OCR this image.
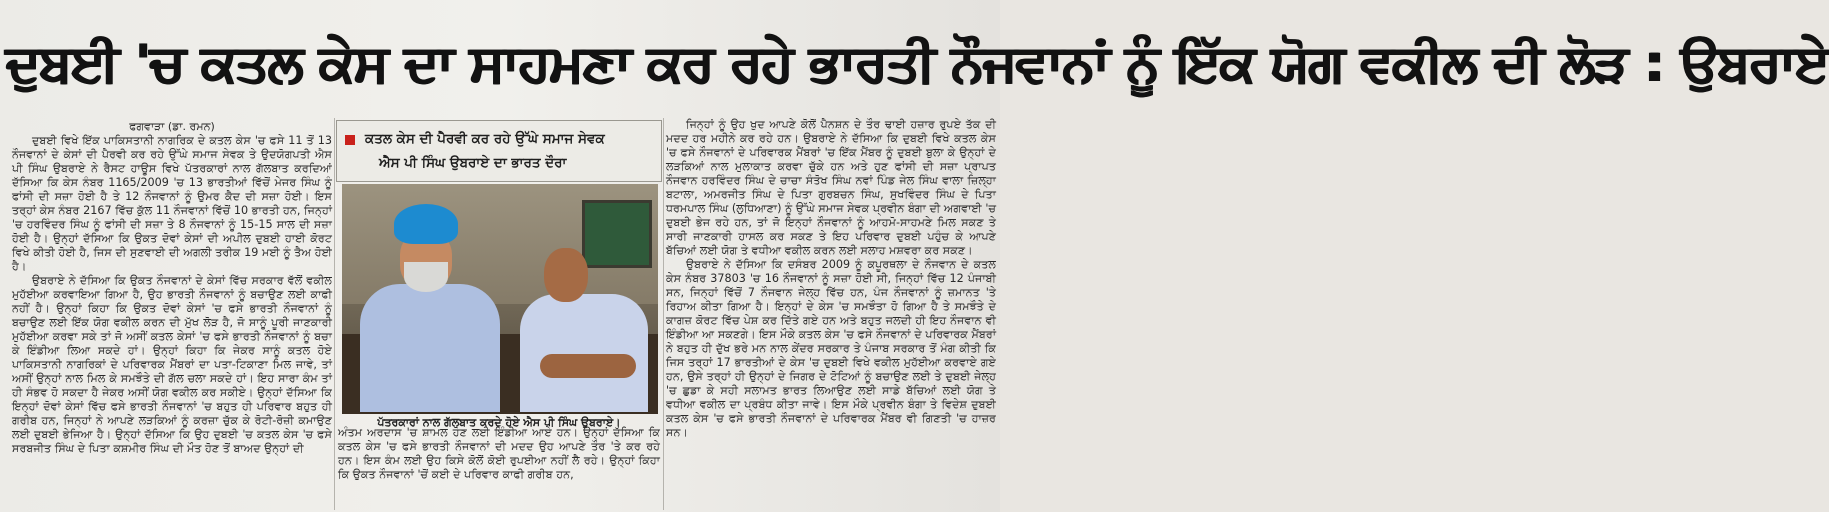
ਦੁਬਈ 'ਚ ਕਤਲ ਕੇਸ ਦਾ ਸਾਹਮਣਾ ਕਰ ਰਹੇ ਭਾਰਤੀ ਨੌਜਵਾਨਾਂ ਨੂੰ ਇੱਕ ਯੋਗ ਵਕੀਲ ਦੀ ਲੋੜ : ਉਬਰਾਏ

ਫਗਵਾੜਾ (ਡਾ. ਰਮਨ)

ਦੁਬਈ ਵਿਖੇ ਇੱਕ ਪਾਕਿਸਤਾਨੀ ਨਾਗਰਿਕ ਦੇ ਕਤਲ ਕੇਸ 'ਚ ਫਸੇ 11 ਤੋਂ 13 ਨੌਜਵਾਨਾਂ ਦੇ ਕੇਸਾਂ ਦੀ ਪੈਰਵੀ ਕਰ ਰਹੇ ਉੱਘੇ ਸਮਾਜ ਸੇਵਕ ਤੇ ਉਦਯੋਗਪਤੀ ਐਸ ਪੀ ਸਿੰਘ ਉਬਰਾਏ ਨੇ ਰੈਸਟ ਹਾਊਸ ਵਿਖੇ ਪੱਤਰਕਾਰਾਂ ਨਾਲ ਗੱਲਬਾਤ ਕਰਦਿਆਂ ਦੱਸਿਆ ਕਿ ਕੇਸ ਨੰਬਰ 1165/2009 'ਚ 13 ਭਾਰਤੀਆਂ ਵਿੱਚੋਂ ਮੇਜਰ ਸਿੰਘ ਨੂੰ ਫਾਂਸੀ ਦੀ ਸਜ਼ਾ ਹੋਈ ਹੈ ਤੇ 12 ਨੌਜਵਾਨਾਂ ਨੂੰ ਉਮਰ ਕੈਦ ਦੀ ਸਜ਼ਾ ਹੋਈ। ਇਸ ਤਰ੍ਹਾਂ ਕੇਸ ਨੰਬਰ 2167 ਵਿੱਚ ਕੁੱਲ 11 ਨੌਜਵਾਨਾਂ ਵਿੱਚੋਂ 10 ਭਾਰਤੀ ਹਨ, ਜਿਨ੍ਹਾਂ 'ਚ ਹਰਵਿੰਦਰ ਸਿੰਘ ਨੂੰ ਫਾਂਸੀ ਦੀ ਸਜ਼ਾ ਤੇ 8 ਨੌਜਵਾਨਾਂ ਨੂੰ 15-15 ਸਾਲ ਦੀ ਸਜ਼ਾ ਹੋਈ ਹੈ। ਉਨ੍ਹਾਂ ਦੱਸਿਆ ਕਿ ਉਕਤ ਦੋਵਾਂ ਕੇਸਾਂ ਦੀ ਅਪੀਲ ਦੁਬਈ ਹਾਈ ਕੋਰਟ ਵਿਖੇ ਕੀਤੀ ਹੋਈ ਹੈ, ਜਿਸ ਦੀ ਸੁਣਵਾਈ ਦੀ ਅਗਲੀ ਤਰੀਕ 19 ਮਈ ਨੂੰ ਤੈਅ ਹੋਈ ਹੈ।

ਉਬਰਾਏ ਨੇ ਦੱਸਿਆ ਕਿ ਉਕਤ ਨੌਜਵਾਨਾਂ ਦੇ ਕੇਸਾਂ ਵਿੱਚ ਸਰਕਾਰ ਵੱਲੋਂ ਵਕੀਲ ਮੁਹੱਈਆ ਕਰਵਾਇਆ ਗਿਆ ਹੈ, ਉਹ ਭਾਰਤੀ ਨੌਜਵਾਨਾਂ ਨੂੰ ਬਚਾਉਣ ਲਈ ਕਾਫੀ ਨਹੀਂ ਹੈ। ਉਨ੍ਹਾਂ ਕਿਹਾ ਕਿ ਉਕਤ ਦੋਵਾਂ ਕੇਸਾਂ 'ਚ ਫਸੇ ਭਾਰਤੀ ਨੌਜਵਾਨਾਂ ਨੂੰ ਬਚਾਉਣ ਲਈ ਇੱਕ ਯੋਗ ਵਕੀਲ ਕਰਨ ਦੀ ਮੁੱਖ ਲੋੜ ਹੈ, ਜੋ ਸਾਨੂੰ ਪੂਰੀ ਜਾਣਕਾਰੀ ਮੁਹੱਈਆ ਕਰਵਾ ਸਕੇ ਤਾਂ ਜੋ ਅਸੀਂ ਕਤਲ ਕੇਸਾਂ 'ਚ ਫਸੇ ਭਾਰਤੀ ਨੌਜਵਾਨਾਂ ਨੂੰ ਬਚਾ ਕੇ ਇੰਡੀਆ ਲਿਆ ਸਕਦੇ ਹਾਂ। ਉਨ੍ਹਾਂ ਕਿਹਾ ਕਿ ਜੇਕਰ ਸਾਨੂੰ ਕਤਲ ਹੋਏ ਪਾਕਿਸਤਾਨੀ ਨਾਗਰਿਕਾਂ ਦੇ ਪਰਿਵਾਰਕ ਮੈਂਬਰਾਂ ਦਾ ਪਤਾ-ਟਿਕਾਣਾ ਮਿਲ ਜਾਵੇ, ਤਾਂ ਅਸੀਂ ਉਨ੍ਹਾਂ ਨਾਲ ਮਿਲ ਕੇ ਸਮਝੌਤੇ ਦੀ ਗੱਲ ਚਲਾ ਸਕਦੇ ਹਾਂ। ਇਹ ਸਾਰਾ ਕੰਮ ਤਾਂ ਹੀ ਸੰਭਵ ਹੋ ਸਕਦਾ ਹੈ ਜੇਕਰ ਅਸੀਂ ਯੋਗ ਵਕੀਲ ਕਰ ਸਕੀਏ। ਉਨ੍ਹਾਂ ਦੱਸਿਆ ਕਿ ਇਨ੍ਹਾਂ ਦੋਵਾਂ ਕੇਸਾਂ ਵਿੱਚ ਫਸੇ ਭਾਰਤੀ ਨੌਜਵਾਨਾਂ 'ਚ ਬਹੁਤ ਹੀ ਪਰਿਵਾਰ ਬਹੁਤ ਹੀ ਗਰੀਬ ਹਨ, ਜਿਨ੍ਹਾਂ ਨੇ ਆਪਣੇ ਲੜਕਿਆਂ ਨੂੰ ਕਰਜ਼ਾ ਚੁੱਕ ਕੇ ਰੋਟੀ-ਰੋਜ਼ੀ ਕਮਾਉਣ ਲਈ ਦੁਬਈ ਭੇਜਿਆ ਹੈ। ਉਨ੍ਹਾਂ ਦੱਸਿਆ ਕਿ ਉਹ ਦੁਬਈ 'ਚ ਕਤਲ ਕੇਸ 'ਚ ਫਸੇ ਸਰਬਜੀਤ ਸਿੰਘ ਦੇ ਪਿਤਾ ਕਸ਼ਮੀਰ ਸਿੰਘ ਦੀ ਮੌਤ ਹੋਣ ਤੋਂ ਬਾਅਦ ਉਨ੍ਹਾਂ ਦੀ

ਕਤਲ ਕੇਸ ਦੀ ਪੈਰਵੀ ਕਰ ਰਹੇ ਉੱਘੇ ਸਮਾਜ ਸੇਵਕ
ਐਸ ਪੀ ਸਿੰਘ ਉਬਰਾਏ ਦਾ ਭਾਰਤ ਦੌਰਾ
ਪੱਤਰਕਾਰਾਂ ਨਾਲ ਗੱਲਬਾਤ ਕਰਦੇ ਹੋਏ ਐਸ ਪੀ ਸਿੰਘ ਉਬਰਾਏ।

ਅੰਤਮ ਅਰਦਾਸ 'ਚ ਸ਼ਾਮਲ ਹੋਣ ਲਈ ਇੰਡੀਆ ਆਏ ਹਨ। ਉਨ੍ਹਾਂ ਦੱਸਿਆ ਕਿ ਕਤਲ ਕੇਸ 'ਚ ਫਸੇ ਭਾਰਤੀ ਨੌਜਵਾਨਾਂ ਦੀ ਮਦਦ ਉਹ ਆਪਣੇ ਤੌਰ 'ਤੇ ਕਰ ਰਹੇ ਹਨ। ਇਸ ਕੰਮ ਲਈ ਉਹ ਕਿਸੇ ਕੋਲੋਂ ਕੋਈ ਰੁਪਈਆ ਨਹੀਂ ਲੈ ਰਹੇ। ਉਨ੍ਹਾਂ ਕਿਹਾ ਕਿ ਉਕਤ ਨੌਜਵਾਨਾਂ 'ਚੋਂ ਕਈ ਦੇ ਪਰਿਵਾਰ ਕਾਫੀ ਗਰੀਬ ਹਨ,

ਜਿਨ੍ਹਾਂ ਨੂੰ ਉਹ ਖੁਦ ਆਪਣੇ ਕੋਲੋਂ ਪੈਨਸ਼ਨ ਦੇ ਤੌਰ ਢਾਈ ਹਜ਼ਾਰ ਰੁਪਏ ਤੱਕ ਦੀ ਮਦਦ ਹਰ ਮਹੀਨੇ ਕਰ ਰਹੇ ਹਨ। ਉਬਰਾਏ ਨੇ ਦੱਸਿਆ ਕਿ ਦੁਬਈ ਵਿਖੇ ਕਤਲ ਕੇਸ 'ਚ ਫਸੇ ਨੌਜਵਾਨਾਂ ਦੇ ਪਰਿਵਾਰਕ ਮੈਂਬਰਾਂ 'ਚ ਇੱਕ ਮੈਂਬਰ ਨੂੰ ਦੁਬਈ ਬੁਲਾ ਕੇ ਉਨ੍ਹਾਂ ਦੇ ਲੜਕਿਆਂ ਨਾਲ ਮੁਲਾਕਾਤ ਕਰਵਾ ਚੁੱਕੇ ਹਨ ਅਤੇ ਹੁਣ ਫਾਂਸੀ ਦੀ ਸਜ਼ਾ ਪ੍ਰਾਪਤ ਨੌਜਵਾਨ ਹਰਵਿੰਦਰ ਸਿੰਘ ਦੇ ਚਾਚਾ ਸੰਤੋਖ ਸਿੰਘ ਨਵਾਂ ਪਿੰਡ ਜੇਲ ਸਿੰਘ ਵਾਲਾ ਜ਼ਿਲ੍ਹਾ ਬਟਾਲਾ, ਅਮਰਜੀਤ ਸਿੰਘ ਦੇ ਪਿਤਾ ਗੁਰਬਚਨ ਸਿੰਘ, ਸੁਖਵਿੰਦਰ ਸਿੰਘ ਦੇ ਪਿਤਾ ਧਰਮਪਾਲ ਸਿੰਘ (ਲੁਧਿਆਣਾ) ਨੂੰ ਉੱਘੇ ਸਮਾਜ ਸੇਵਕ ਪ੍ਰਵੀਨ ਬੰਗਾ ਦੀ ਅਗਵਾਈ 'ਚ ਦੁਬਈ ਭੇਜ ਰਹੇ ਹਨ, ਤਾਂ ਜੋ ਇਨ੍ਹਾਂ ਨੌਜਵਾਨਾਂ ਨੂੰ ਆਹਮੋ-ਸਾਹਮਣੇ ਮਿਲ ਸਕਣ ਤੇ ਸਾਰੀ ਜਾਣਕਾਰੀ ਹਾਸਲ ਕਰ ਸਕਣ ਤੇ ਇਹ ਪਰਿਵਾਰ ਦੁਬਈ ਪਹੁੰਚ ਕੇ ਆਪਣੇ ਬੱਚਿਆਂ ਲਈ ਯੋਗ ਤੇ ਵਧੀਆ ਵਕੀਲ ਕਰਨ ਲਈ ਸਲਾਹ ਮਸ਼ਵਰਾ ਕਰ ਸਕਣ।

ਉਬਰਾਏ ਨੇ ਦੱਸਿਆ ਕਿ ਦਸੰਬਰ 2009 ਨੂੰ ਕਪੂਰਥਲਾ ਦੇ ਨੌਜਵਾਨ ਦੇ ਕਤਲ ਕੇਸ ਨੰਬਰ 37803 'ਚ 16 ਨੌਜਵਾਨਾਂ ਨੂੰ ਸਜ਼ਾ ਹੋਈ ਸੀ, ਜਿਨ੍ਹਾਂ ਵਿੱਚ 12 ਪੰਜਾਬੀ ਸਨ, ਜਿਨ੍ਹਾਂ ਵਿੱਚੋਂ 7 ਨੌਜਵਾਨ ਜੇਲ੍ਹ ਵਿੱਚ ਹਨ, ਪੰਜ ਨੌਜਵਾਨਾਂ ਨੂੰ ਜ਼ਮਾਨਤ 'ਤੇ ਰਿਹਾਅ ਕੀਤਾ ਗਿਆ ਹੈ। ਇਨ੍ਹਾਂ ਦੇ ਕੇਸ 'ਚ ਸਮਝੌਤਾ ਹੋ ਗਿਆ ਹੈ ਤੇ ਸਮਝੌਤੇ ਦੇ ਕਾਗਜ਼ ਕੋਰਟ ਵਿੱਚ ਪੇਸ਼ ਕਰ ਦਿੱਤੇ ਗਏ ਹਨ ਅਤੇ ਬਹੁਤ ਜਲਦੀ ਹੀ ਇਹ ਨੌਜਵਾਨ ਵੀ ਇੰਡੀਆ ਆ ਸਕਣਗੇ। ਇਸ ਮੌਕੇ ਕਤਲ ਕੇਸ 'ਚ ਫਸੇ ਨੌਜਵਾਨਾਂ ਦੇ ਪਰਿਵਾਰਕ ਮੈਂਬਰਾਂ ਨੇ ਬਹੁਤ ਹੀ ਦੁੱਖ ਭਰੇ ਮਨ ਨਾਲ ਕੇਂਦਰ ਸਰਕਾਰ ਤੇ ਪੰਜਾਬ ਸਰਕਾਰ ਤੋਂ ਮੰਗ ਕੀਤੀ ਕਿ ਜਿਸ ਤਰ੍ਹਾਂ 17 ਭਾਰਤੀਆਂ ਦੇ ਕੇਸ 'ਚ ਦੁਬਈ ਵਿਖੇ ਵਕੀਲ ਮੁਹੱਈਆ ਕਰਵਾਏ ਗਏ ਹਨ, ਉਸੇ ਤਰ੍ਹਾਂ ਹੀ ਉਨ੍ਹਾਂ ਦੇ ਜਿਗਰ ਦੇ ਟੋਟਿਆਂ ਨੂੰ ਬਚਾਉਣ ਲਈ ਤੇ ਦੁਬਈ ਜੇਲ੍ਹ 'ਚ ਛੁਡਾ ਕੇ ਸਹੀ ਸਲਾਮਤ ਭਾਰਤ ਲਿਆਉਣ ਲਈ ਸਾਡੇ ਬੱਚਿਆਂ ਲਈ ਯੋਗ ਤੇ ਵਧੀਆ ਵਕੀਲ ਦਾ ਪ੍ਰਬੰਧ ਕੀਤਾ ਜਾਵੇ। ਇਸ ਮੌਕੇ ਪ੍ਰਵੀਨ ਬੰਗਾ ਤੇ ਵਿਦੇਸ਼ ਦੁਬਈ ਕਤਲ ਕੇਸ 'ਚ ਫਸੇ ਭਾਰਤੀ ਨੌਜਵਾਨਾਂ ਦੇ ਪਰਿਵਾਰਕ ਮੈਂਬਰ ਵੀ ਗਿਣਤੀ 'ਚ ਹਾਜ਼ਰ ਸਨ।
